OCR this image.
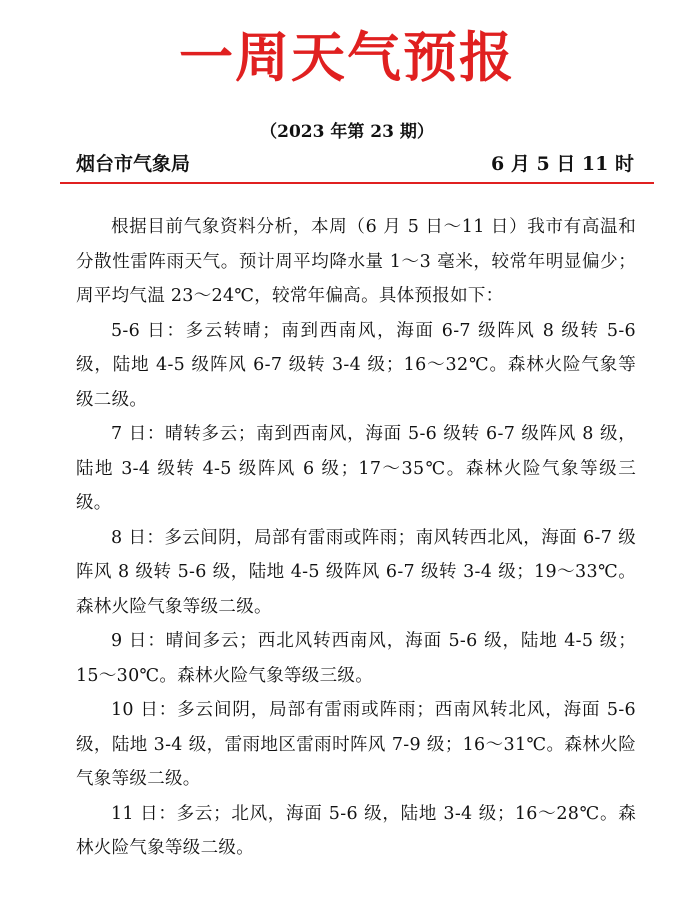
一周天气预报
（2023 年第 23 期）
烟台市气象局	6 月 5 日 11 时

根据目前气象资料分析，本周（6 月 5 日～11 日）我市有高温和分散性雷阵雨天气。预计周平均降水量 1～3 毫米，较常年明显偏少；周平均气温 23～24℃，较常年偏高。具体预报如下：

5-6 日：多云转晴；南到西南风，海面 6-7 级阵风 8 级转 5-6 级，陆地 4-5 级阵风 6-7 级转 3-4 级；16～32℃。森林火险气象等级二级。

7 日：晴转多云；南到西南风，海面 5-6 级转 6-7 级阵风 8 级，陆地 3-4 级转 4-5 级阵风 6 级；17～35℃。森林火险气象等级三级。

8 日：多云间阴，局部有雷雨或阵雨；南风转西北风，海面 6-7 级阵风 8 级转 5-6 级，陆地 4-5 级阵风 6-7 级转 3-4 级；19～33℃。森林火险气象等级二级。

9 日：晴间多云；西北风转西南风，海面 5-6 级，陆地 4-5 级；15～30℃。森林火险气象等级三级。

10 日：多云间阴，局部有雷雨或阵雨；西南风转北风，海面 5-6 级，陆地 3-4 级，雷雨地区雷雨时阵风 7-9 级；16～31℃。森林火险气象等级二级。

11 日：多云；北风，海面 5-6 级，陆地 3-4 级；16～28℃。森林火险气象等级二级。
